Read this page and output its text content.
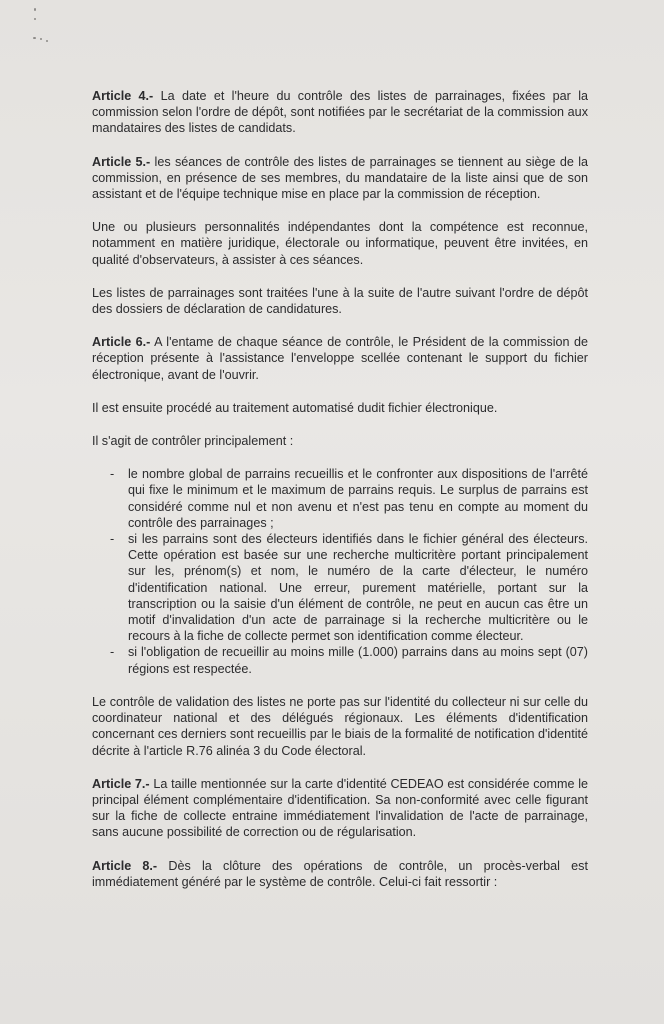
Article 4.- La date et l'heure du contrôle des listes de parrainages, fixées par la commission selon l'ordre de dépôt, sont notifiées par le secrétariat de la commission aux mandataires des listes de candidats.

Article 5.- les séances de contrôle des listes de parrainages se tiennent au siège de la commission, en présence de ses membres, du mandataire de la liste ainsi que de son assistant et de l'équipe technique mise en place par la commission de réception.

Une ou plusieurs personnalités indépendantes dont la compétence est reconnue, notamment en matière juridique, électorale ou informatique, peuvent être invitées, en qualité d'observateurs, à assister à ces séances.

Les listes de parrainages sont traitées l'une à la suite de l'autre suivant l'ordre de dépôt des dossiers de déclaration de candidatures.

Article 6.- A l'entame de chaque séance de contrôle, le Président de la commission de réception présente à l'assistance l'enveloppe scellée contenant le support du fichier électronique, avant de l'ouvrir.

Il est ensuite procédé au traitement automatisé dudit fichier électronique.

Il s'agit de contrôler principalement :

- le nombre global de parrains recueillis et le confronter aux dispositions de l'arrêté qui fixe le minimum et le maximum de parrains requis. Le surplus de parrains est considéré comme nul et non avenu et n'est pas tenu en compte au moment du contrôle des parrainages ;
- si les parrains sont des électeurs identifiés dans le fichier général des électeurs. Cette opération est basée sur une recherche multicritère portant principalement sur les, prénom(s) et nom, le numéro de la carte d'électeur, le numéro d'identification national. Une erreur, purement matérielle, portant sur la transcription ou la saisie d'un élément de contrôle, ne peut en aucun cas être un motif d'invalidation d'un acte de parrainage si la recherche multicritère ou le recours à la fiche de collecte permet son identification comme électeur.
- si l'obligation de recueillir au moins mille (1.000) parrains dans au moins sept (07) régions est respectée.

Le contrôle de validation des listes ne porte pas sur l'identité du collecteur ni sur celle du coordinateur national et des délégués régionaux. Les éléments d'identification concernant ces derniers sont recueillis par le biais de la formalité de notification d'identité décrite à l'article R.76 alinéa 3 du Code électoral.

Article 7.- La taille mentionnée sur la carte d'identité CEDEAO est considérée comme le principal élément complémentaire d'identification. Sa non-conformité avec celle figurant sur la fiche de collecte entraine immédiatement l'invalidation de l'acte de parrainage, sans aucune possibilité de correction ou de régularisation.

Article 8.- Dès la clôture des opérations de contrôle, un procès-verbal est immédiatement généré par le système de contrôle. Celui-ci fait ressortir :
